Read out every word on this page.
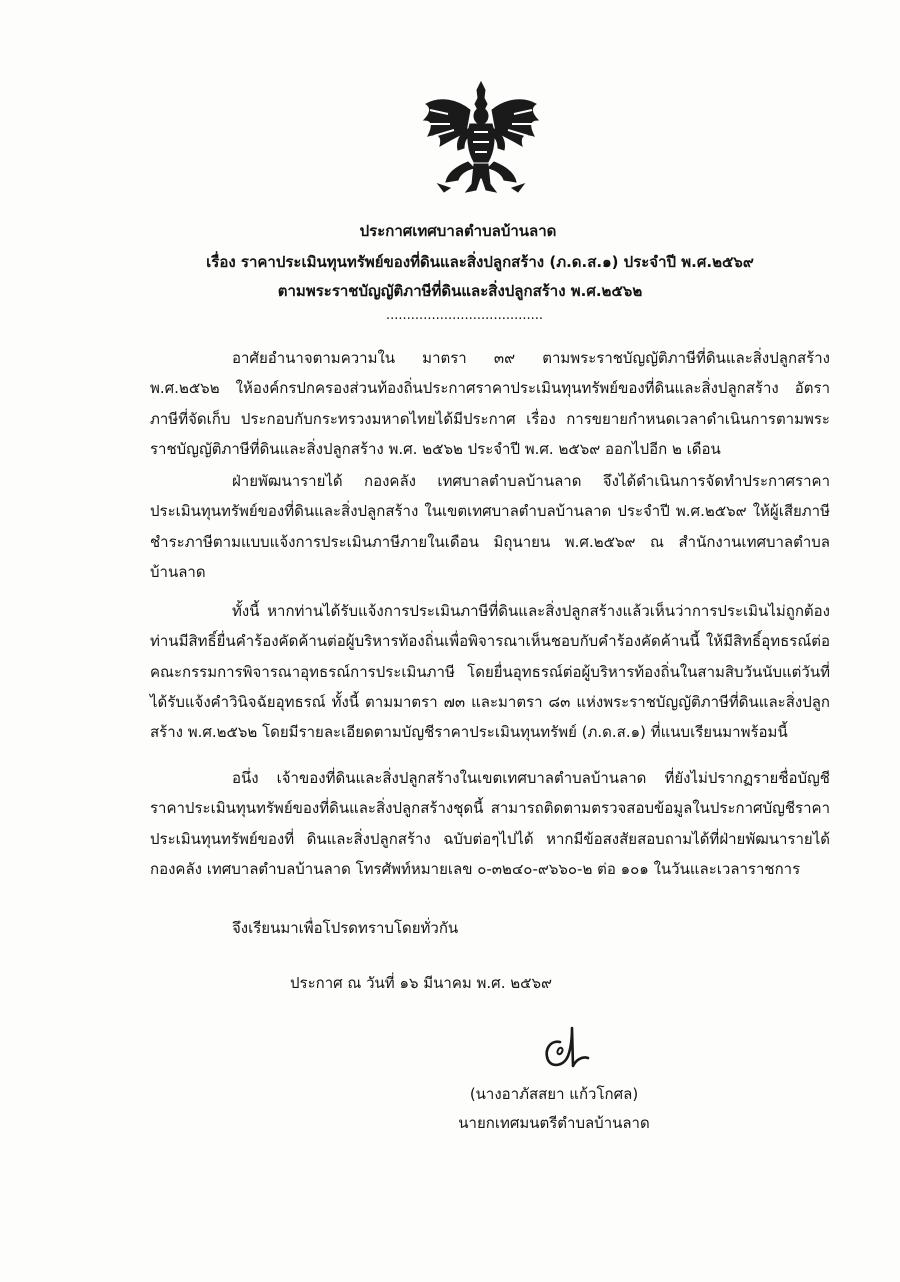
ประกาศเทศบาลตำบลบ้านลาด
เรื่อง ราคาประเมินทุนทรัพย์ของที่ดินและสิ่งปลูกสร้าง (ภ.ด.ส.๑) ประจำปี พ.ศ.๒๕๖๙
ตามพระราชบัญญัติภาษีที่ดินและสิ่งปลูกสร้าง พ.ศ.๒๕๖๒
......................................
อาศัยอำนาจตามความใน มาตรา ๓๙ ตามพระราชบัญญัติภาษีที่ดินและสิ่งปลูกสร้าง พ.ศ.๒๕๖๒ ให้องค์กรปกครองส่วนท้องถิ่นประกาศราคาประเมินทุนทรัพย์ของที่ดินและสิ่งปลูกสร้าง อัตราภาษีที่จัดเก็บ ประกอบกับกระทรวงมหาดไทยได้มีประกาศ เรื่อง การขยายกำหนดเวลาดำเนินการตามพระราชบัญญัติภาษีที่ดินและสิ่งปลูกสร้าง พ.ศ. ๒๕๖๒ ประจำปี พ.ศ. ๒๕๖๙ ออกไปอีก ๒ เดือน
ฝ่ายพัฒนารายได้ กองคลัง เทศบาลตำบลบ้านลาด จึงได้ดำเนินการจัดทำประกาศราคาประเมินทุนทรัพย์ของที่ดินและสิ่งปลูกสร้าง ในเขตเทศบาลตำบลบ้านลาด ประจำปี พ.ศ.๒๕๖๙ ให้ผู้เสียภาษีชำระภาษีตามแบบแจ้งการประเมินภาษีภายในเดือน มิถุนายน พ.ศ.๒๕๖๙ ณ สำนักงานเทศบาลตำบลบ้านลาด
ทั้งนี้ หากท่านได้รับแจ้งการประเมินภาษีที่ดินและสิ่งปลูกสร้างแล้วเห็นว่าการประเมินไม่ถูกต้อง ท่านมีสิทธิ์ยื่นคำร้องคัดค้านต่อผู้บริหารท้องถิ่นเพื่อพิจารณาเห็นชอบกับคำร้องคัดค้านนี้ ให้มีสิทธิ์อุทธรณ์ต่อคณะกรรมการพิจารณาอุทธรณ์การประเมินภาษี โดยยื่นอุทธรณ์ต่อผู้บริหารท้องถิ่นในสามสิบวันนับแต่วันที่ได้รับแจ้งคำวินิจฉัยอุทธรณ์ ทั้งนี้ ตามมาตรา ๗๓ และมาตรา ๘๓ แห่งพระราชบัญญัติภาษีที่ดินและสิ่งปลูกสร้าง พ.ศ.๒๕๖๒ โดยมีรายละเอียดตามบัญชีราคาประเมินทุนทรัพย์ (ภ.ด.ส.๑) ที่แนบเรียนมาพร้อมนี้
อนึ่ง เจ้าของที่ดินและสิ่งปลูกสร้างในเขตเทศบาลตำบลบ้านลาด ที่ยังไม่ปรากฏรายชื่อบัญชีราคาประเมินทุนทรัพย์ของที่ดินและสิ่งปลูกสร้างชุดนี้ สามารถติดตามตรวจสอบข้อมูลในประกาศบัญชีราคาประเมินทุนทรัพย์ของที่ ดินและสิ่งปลูกสร้าง ฉบับต่อๆไปได้ หากมีข้อสงสัยสอบถามได้ที่ฝ่ายพัฒนารายได้ กองคลัง เทศบาลตำบลบ้านลาด โทรศัพท์หมายเลข ๐-๓๒๔๐-๙๖๖๐-๒ ต่อ ๑๐๑ ในวันและเวลาราชการ
จึงเรียนมาเพื่อโปรดทราบโดยทั่วกัน
ประกาศ ณ วันที่ ๑๖ มีนาคม พ.ศ. ๒๕๖๙
(นางอาภัสสยา แก้วโกศล)
นายกเทศมนตรีตำบลบ้านลาด
